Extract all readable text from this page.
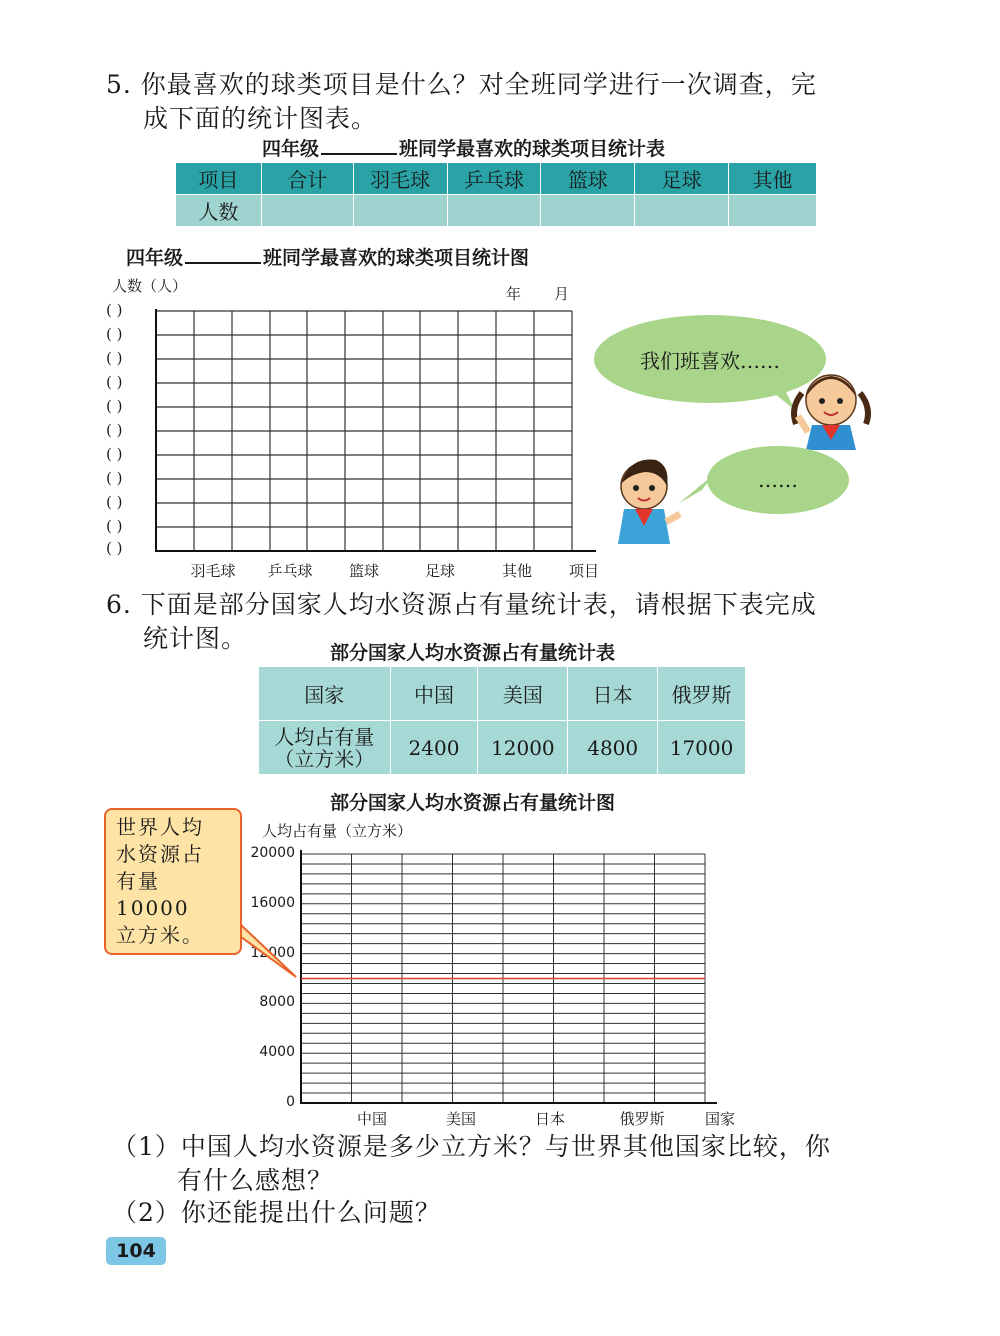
5. 你最喜欢的球类项目是什么？对全班同学进行一次调查，完
成下面的统计图表。
四年级	班同学最喜欢的球类项目统计表
项目	合计	羽毛球	乒乓球	篮球	足球	其他
人数						
四年级	班同学最喜欢的球类项目统计图
人数（人）	年 月
( )
( )
( )
( )
( )
( )
( )
( )
( )
( )
( )
羽毛球	乒乓球	篮球	足球	其他	项目
我们班喜欢……
……
6. 下面是部分国家人均水资源占有量统计表，请根据下表完成
统计图。	部分国家人均水资源占有量统计表
国家	中国	美国	日本	俄罗斯

人均占有量
（立方米）	2400	12000	4800	17000
部分国家人均水资源占有量统计图
人均占有量（立方米）
0
4000
8000
12000
16000
20000
中国	美国	日本	俄罗斯	国家
世界人均
水资源占
有量10000
立方米。
（1）中国人均水资源是多少立方米？与世界其他国家比较，你
有什么感想？
（2）你还能提出什么问题？
104
